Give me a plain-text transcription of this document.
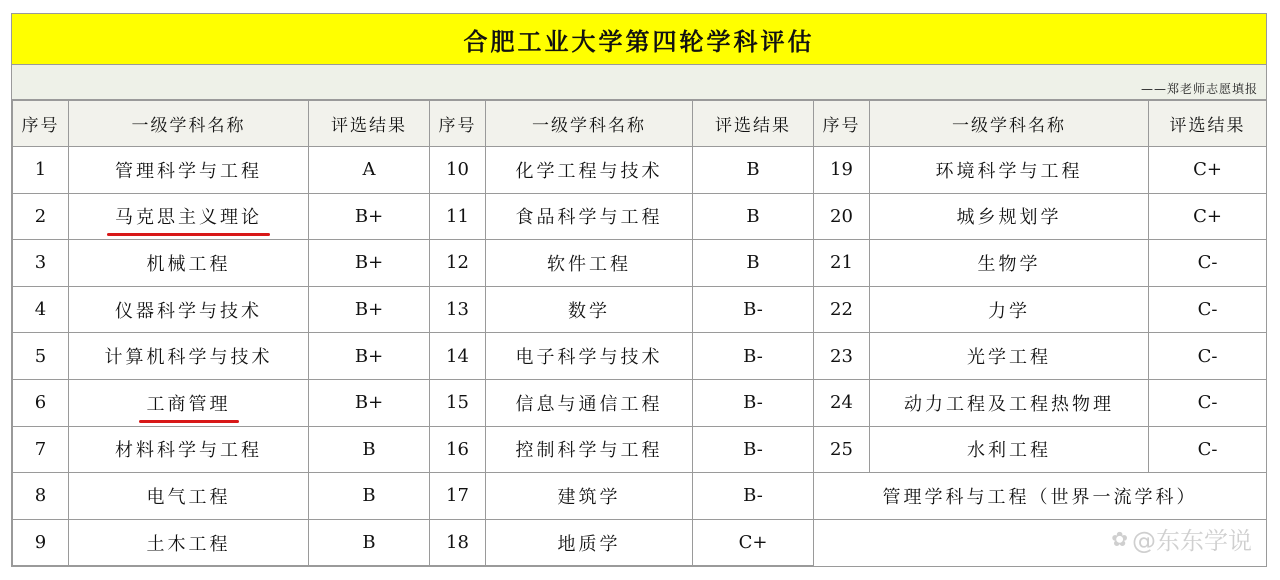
合肥工业大学第四轮学科评估
——郑老师志愿填报
序号	一级学科名称	评选结果	序号	一级学科名称	评选结果	序号	一级学科名称	评选结果
1	管理科学与工程	A	10	化学工程与技术	B	19	环境科学与工程	C+
2	马克思主义理论	B+	11	食品科学与工程	B	20	城乡规划学	C+
3	机械工程	B+	12	软件工程	B	21	生物学	C-
4	仪器科学与技术	B+	13	数学	B-	22	力学	C-
5	计算机科学与技术	B+	14	电子科学与技术	B-	23	光学工程	C-
6	工商管理	B+	15	信息与通信工程	B-	24	动力工程及工程热物理	C-
7	材料科学与工程	B	16	控制科学与工程	B-	25	水利工程	C-
8	电气工程	B	17	建筑学	B-	管理学科与工程（世界一流学科）		
9	土木工程	B	18	地质学	C+				✿ @东东学说
